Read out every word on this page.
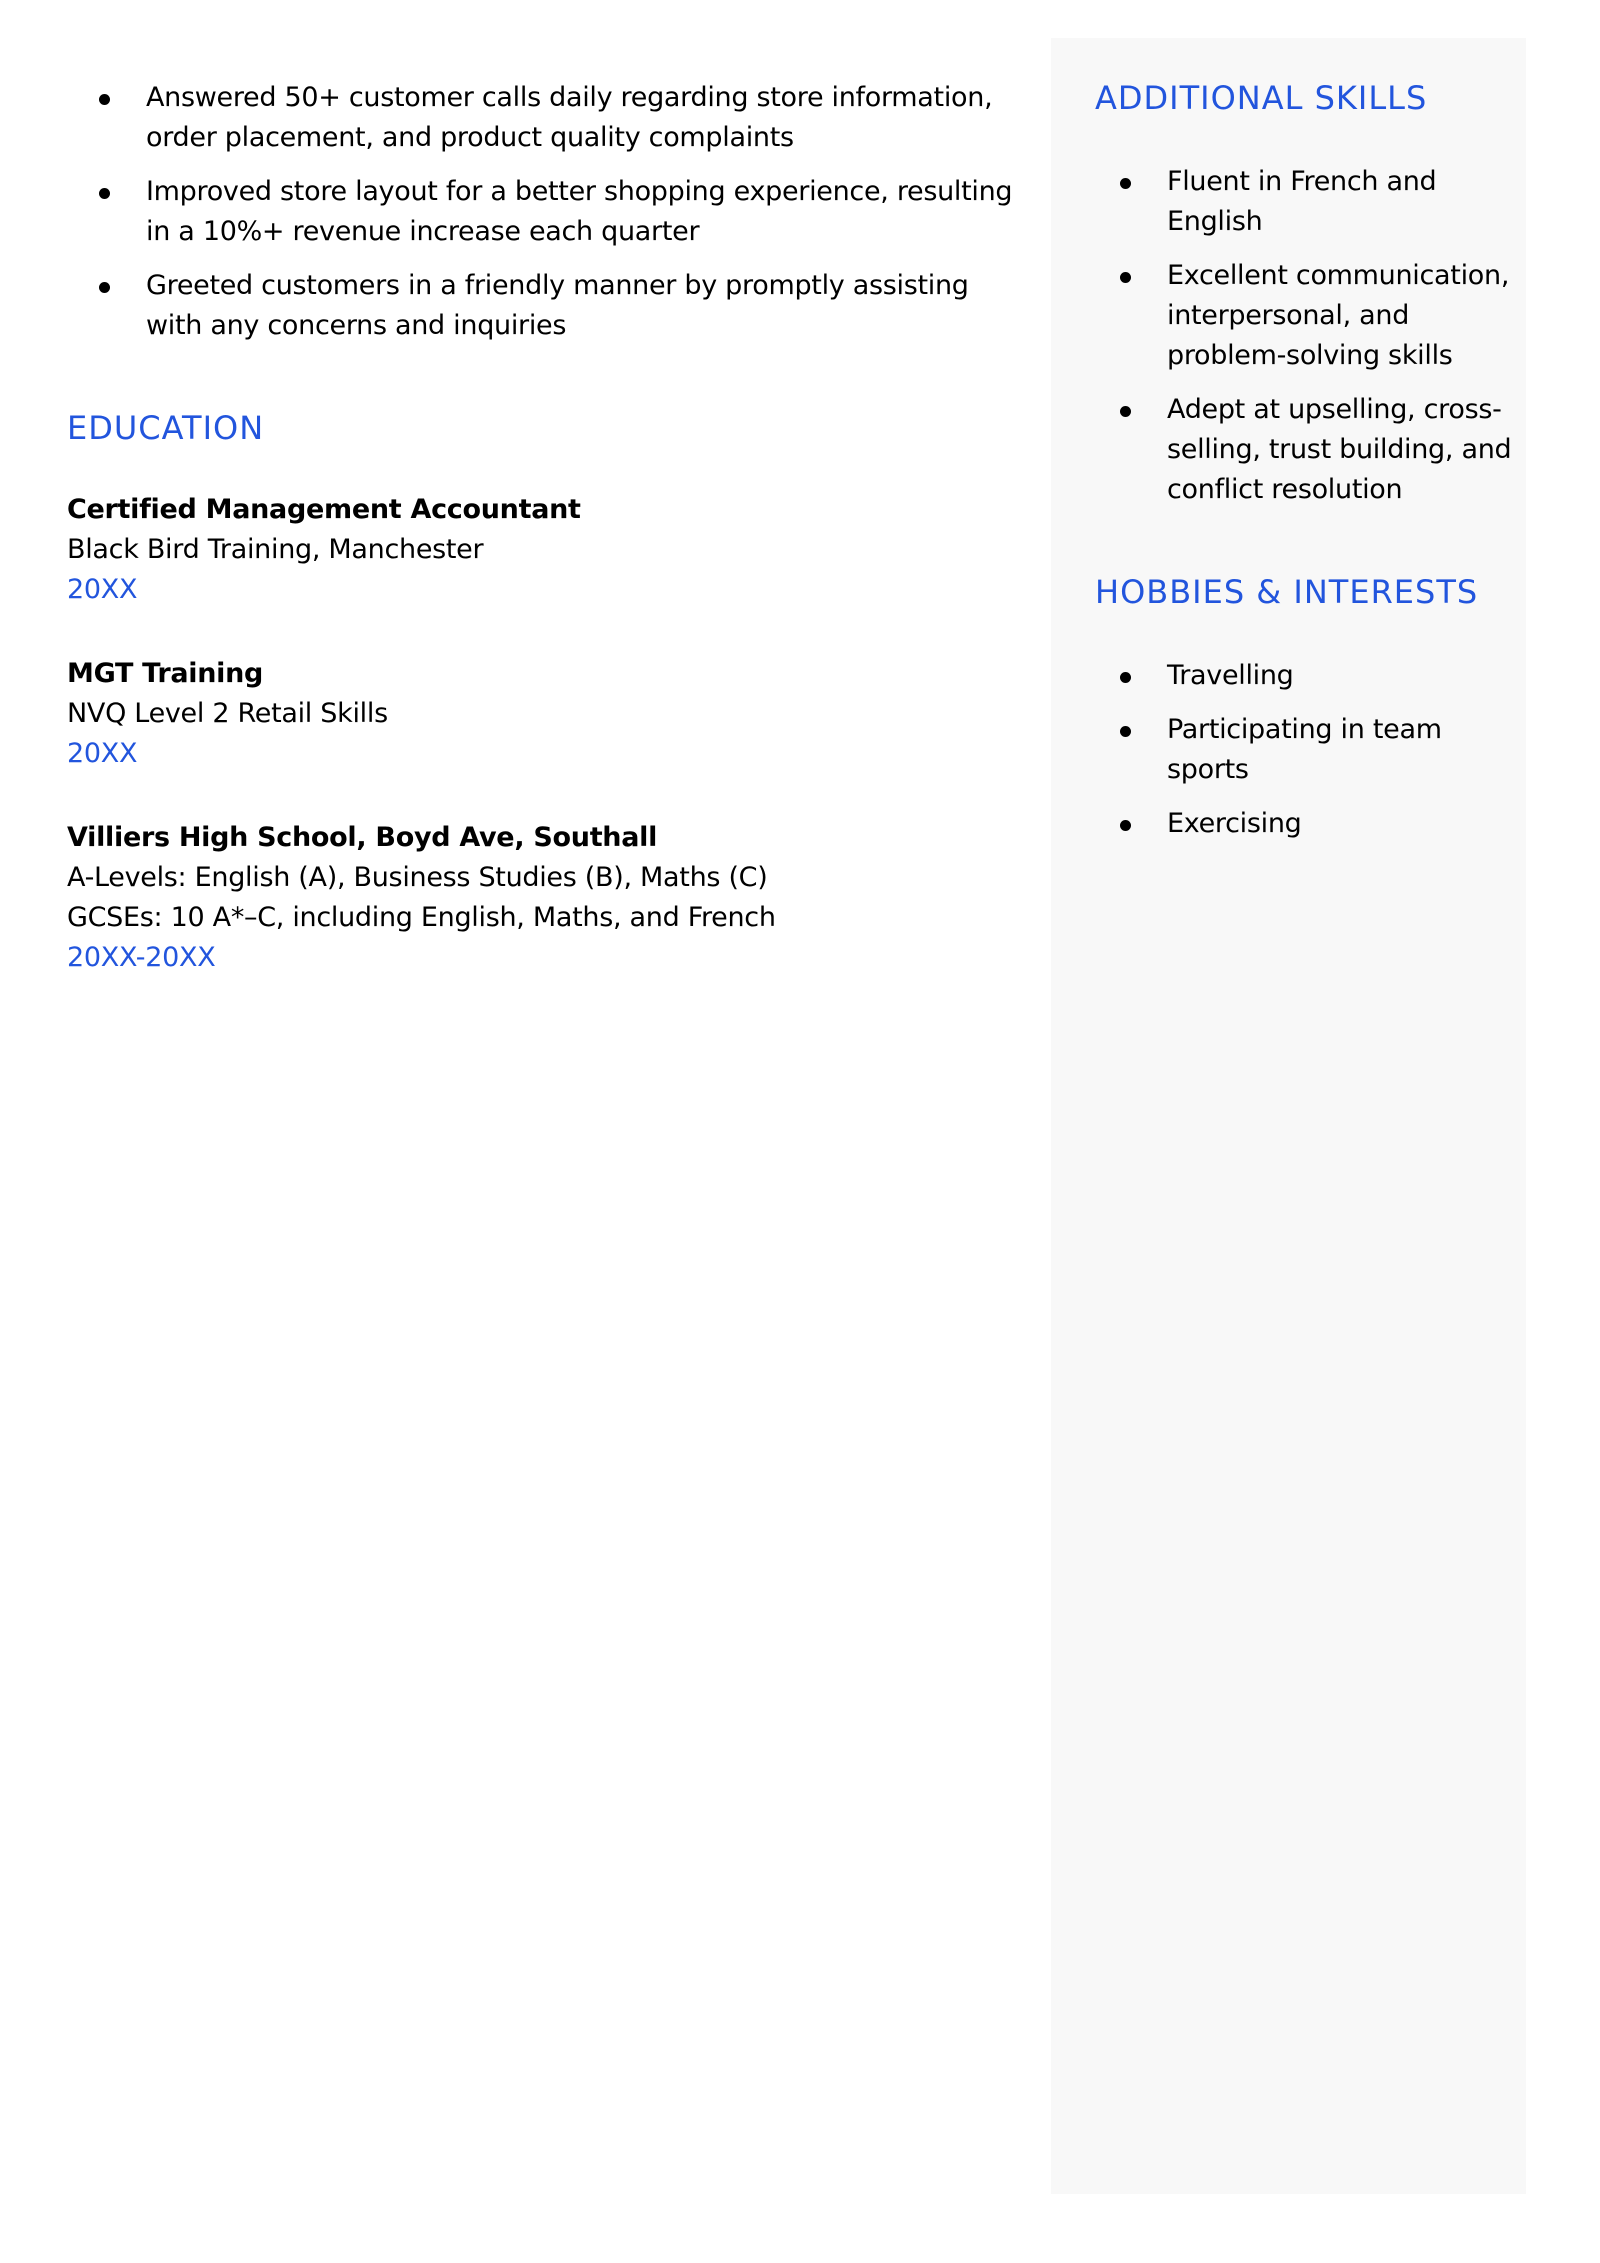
Answered 50+ customer calls daily regarding store information, order placement, and product quality complaints
Improved store layout for a better shopping experience, resulting in a 10%+ revenue increase each quarter
Greeted customers in a friendly manner by promptly assisting with any concerns and inquiries
EDUCATION
Certified Management Accountant
Black Bird Training, Manchester
20XX
MGT Training
NVQ Level 2 Retail Skills
20XX
Villiers High School, Boyd Ave, Southall
A-Levels: English (A), Business Studies (B), Maths (C)
GCSEs: 10 A*–C, including English, Maths, and French
20XX-20XX
ADDITIONAL SKILLS
Fluent in French and English
Excellent communication, interpersonal, and problem-solving skills
Adept at upselling, cross-selling, trust building, and conflict resolution
HOBBIES & INTERESTS
Travelling
Participating in team sports
Exercising
